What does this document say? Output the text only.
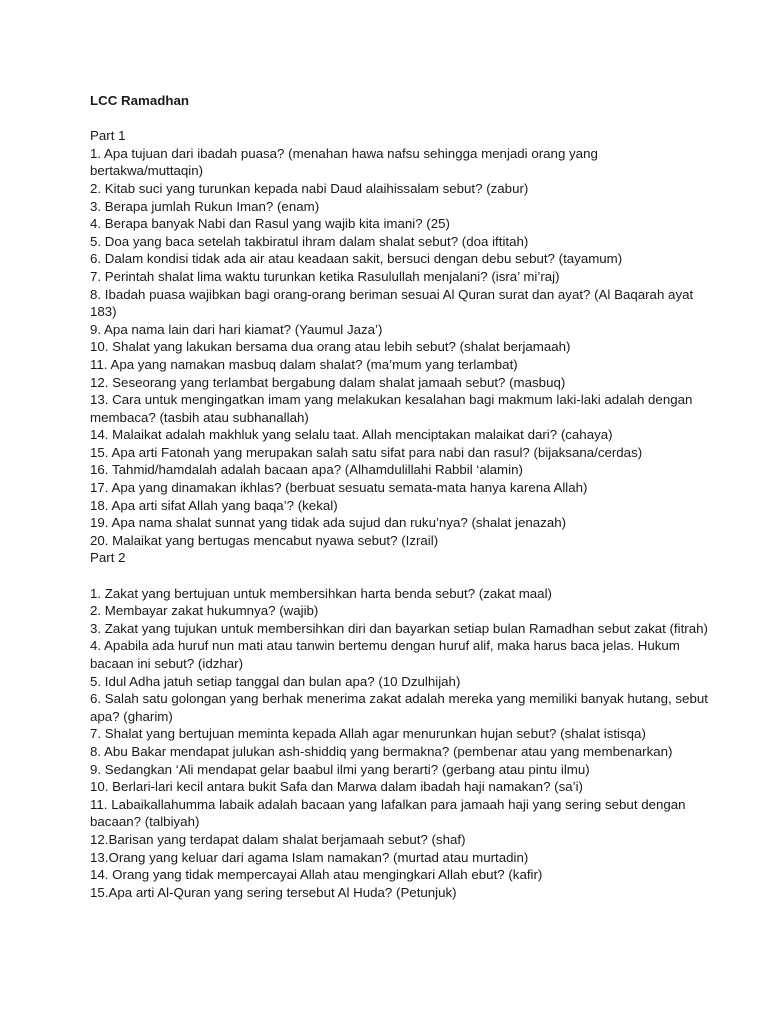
LCC Ramadhan
Part 1
1. Apa tujuan dari ibadah puasa? (menahan hawa nafsu sehingga menjadi orang yang bertakwa/muttaqin)
2. Kitab suci yang turunkan kepada nabi Daud alaihissalam sebut? (zabur)
3. Berapa jumlah Rukun Iman? (enam)
4. Berapa banyak Nabi dan Rasul yang wajib kita imani? (25)
5. Doa yang baca setelah takbiratul ihram dalam shalat sebut? (doa iftitah)
6. Dalam kondisi tidak ada air atau keadaan sakit, bersuci dengan debu sebut? (tayamum)
7. Perintah shalat lima waktu turunkan ketika Rasulullah menjalani? (isra’ mi’raj)
8. Ibadah puasa wajibkan bagi orang-orang beriman sesuai Al Quran surat dan ayat? (Al Baqarah ayat 183)
9. Apa nama lain dari hari kiamat? (Yaumul Jaza’)
10. Shalat yang lakukan bersama dua orang atau lebih sebut? (shalat berjamaah)
11. Apa yang namakan masbuq dalam shalat? (ma’mum yang terlambat)
12. Seseorang yang terlambat bergabung dalam shalat jamaah sebut? (masbuq)
13. Cara untuk mengingatkan imam yang melakukan kesalahan bagi makmum laki-laki adalah dengan membaca? (tasbih atau subhanallah)
14. Malaikat adalah makhluk yang selalu taat. Allah menciptakan malaikat dari? (cahaya)
15. Apa arti Fatonah yang merupakan salah satu sifat para nabi dan rasul? (bijaksana/cerdas)
16. Tahmid/hamdalah adalah bacaan apa? (Alhamdulillahi Rabbil ‘alamin)
17. Apa yang dinamakan ikhlas? (berbuat sesuatu semata-mata hanya karena Allah)
18. Apa arti sifat Allah yang baqa’? (kekal)
19. Apa nama shalat sunnat yang tidak ada sujud dan ruku’nya? (shalat jenazah)
20. Malaikat yang bertugas mencabut nyawa sebut? (Izrail)
Part 2
1. Zakat yang bertujuan untuk membersihkan harta benda sebut? (zakat maal)
2. Membayar zakat hukumnya? (wajib)
3. Zakat yang tujukan untuk membersihkan diri dan bayarkan setiap bulan Ramadhan sebut zakat (fitrah)
4. Apabila ada huruf nun mati atau tanwin bertemu dengan huruf alif, maka harus baca jelas. Hukum bacaan ini sebut? (idzhar)
5. Idul Adha jatuh setiap tanggal dan bulan apa? (10 Dzulhijah)
6. Salah satu golongan yang berhak menerima zakat adalah mereka yang memiliki banyak hutang, sebut apa? (gharim)
7. Shalat yang bertujuan meminta kepada Allah agar menurunkan hujan sebut? (shalat istisqa)
8. Abu Bakar mendapat julukan ash-shiddiq yang bermakna? (pembenar atau yang membenarkan)
9. Sedangkan ‘Ali mendapat gelar baabul ilmi yang berarti? (gerbang atau pintu ilmu)
10. Berlari-lari kecil antara bukit Safa dan Marwa dalam ibadah haji namakan? (sa’i)
11. Labaikallahumma labaik adalah bacaan yang lafalkan para jamaah haji yang sering sebut dengan bacaan? (talbiyah)
12.Barisan yang terdapat dalam shalat berjamaah sebut? (shaf)
13.Orang yang keluar dari agama Islam namakan? (murtad atau murtadin)
14. Orang yang tidak mempercayai Allah atau mengingkari Allah ebut? (kafir)
15.Apa arti Al-Quran yang sering tersebut Al Huda? (Petunjuk)
